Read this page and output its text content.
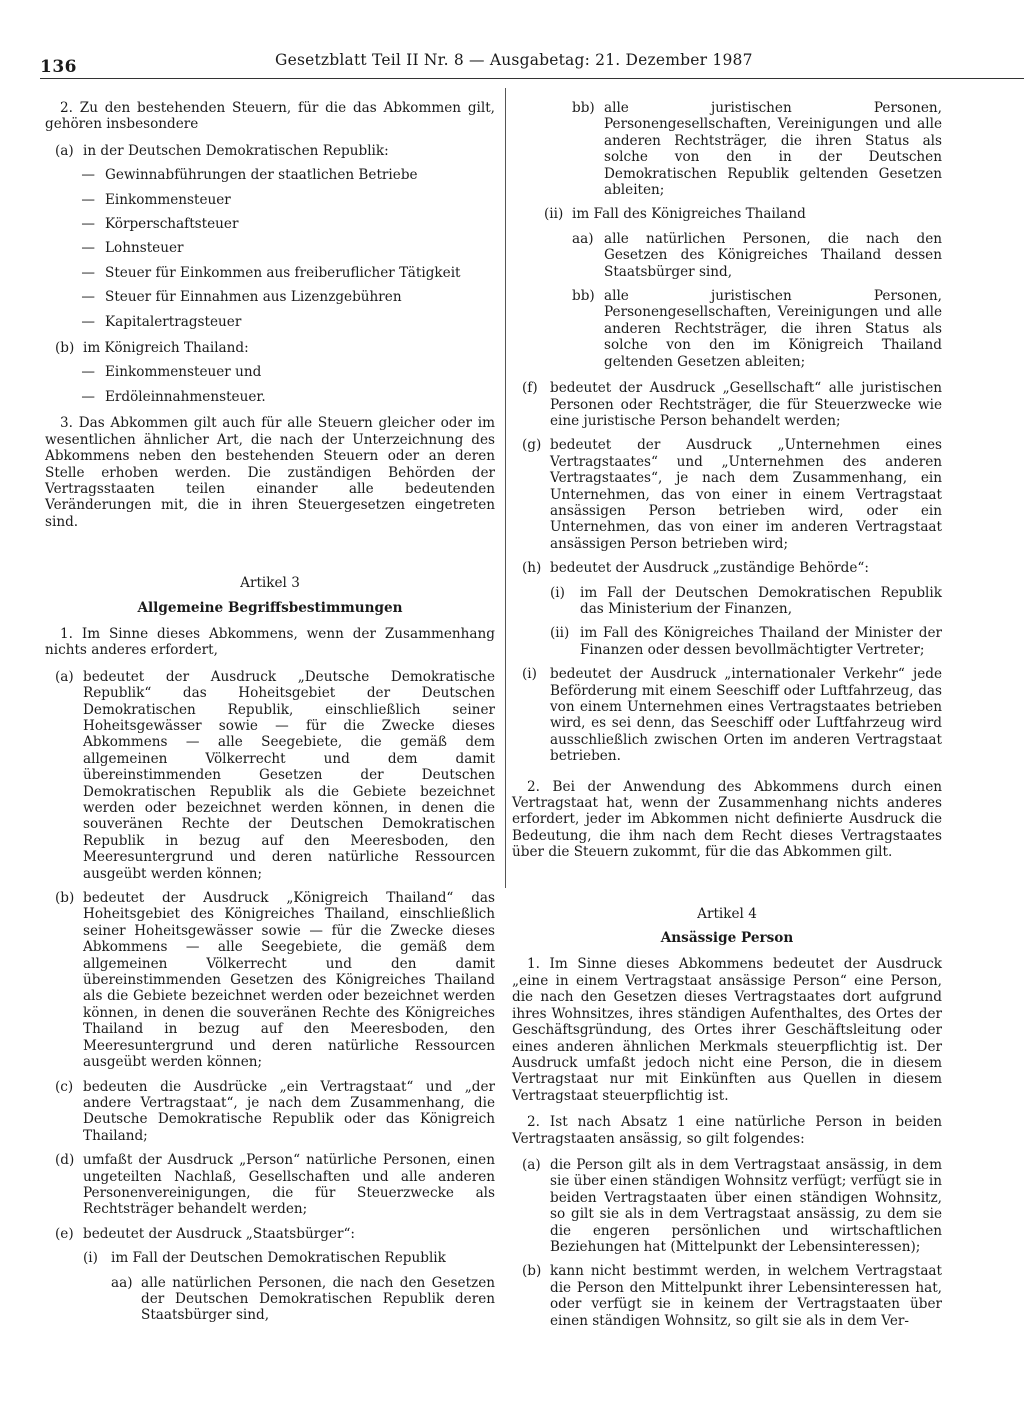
136	Gesetzblatt Teil II Nr. 8 — Ausgabetag: 21. Dezember 1987

2. Zu den bestehenden Steuern, für die das Abkommen gilt, gehören insbesondere

(a) in der Deutschen Demokratischen Republik:
— Gewinnabführungen der staatlichen Betriebe
— Einkommensteuer
— Körperschaftsteuer
— Lohnsteuer
— Steuer für Einkommen aus freiberuflicher Tätigkeit
— Steuer für Einnahmen aus Lizenzgebühren
— Kapitalertragsteuer
(b) im Königreich Thailand:
— Einkommensteuer und
— Erdöleinnahmensteuer.

3. Das Abkommen gilt auch für alle Steuern gleicher oder im wesentlichen ähnlicher Art, die nach der Unterzeichnung des Abkommens neben den bestehenden Steuern oder an deren Stelle erhoben werden. Die zuständigen Behörden der Vertragsstaaten teilen einander alle bedeutenden Veränderungen mit, die in ihren Steuergesetzen eingetreten sind.

Artikel 3
Allgemeine Begriffsbestimmungen

1. Im Sinne dieses Abkommens, wenn der Zusammenhang nichts anderes erfordert,

(a) bedeutet der Ausdruck „Deutsche Demokratische Republik“ das Hoheitsgebiet der Deutschen Demokratischen Republik, einschließlich seiner Hoheitsgewässer sowie — für die Zwecke dieses Abkommens — alle Seegebiete, die gemäß dem allgemeinen Völkerrecht und dem damit übereinstimmenden Gesetzen der Deutschen Demokratischen Republik als die Gebiete bezeichnet werden oder bezeichnet werden können, in denen die souveränen Rechte der Deutschen Demokratischen Republik in bezug auf den Meeresboden, den Meeresuntergrund und deren natürliche Ressourcen ausgeübt werden können;
(b) bedeutet der Ausdruck „Königreich Thailand“ das Hoheitsgebiet des Königreiches Thailand, einschließlich seiner Hoheitsgewässer sowie — für die Zwecke dieses Abkommens — alle Seegebiete, die gemäß dem allgemeinen Völkerrecht und den damit übereinstimmenden Gesetzen des Königreiches Thailand als die Gebiete bezeichnet werden oder bezeichnet werden können, in denen die souveränen Rechte des Königreiches Thailand in bezug auf den Meeresboden, den Meeresuntergrund und deren natürliche Ressourcen ausgeübt werden können;
(c) bedeuten die Ausdrücke „ein Vertragstaat“ und „der andere Vertragstaat“, je nach dem Zusammenhang, die Deutsche Demokratische Republik oder das Königreich Thailand;
(d) umfaßt der Ausdruck „Person“ natürliche Personen, einen ungeteilten Nachlaß, Gesellschaften und alle anderen Personenvereinigungen, die für Steuerzwecke als Rechtsträger behandelt werden;
(e) bedeutet der Ausdruck „Staatsbürger“:
(i) im Fall der Deutschen Demokratischen Republik
aa) alle natürlichen Personen, die nach den Gesetzen der Deutschen Demokratischen Republik deren Staatsbürger sind,
bb) alle juristischen Personen, Personengesellschaften, Vereinigungen und alle anderen Rechtsträger, die ihren Status als solche von den in der Deutschen Demokratischen Republik geltenden Gesetzen ableiten;
(ii) im Fall des Königreiches Thailand
aa) alle natürlichen Personen, die nach den Gesetzen des Königreiches Thailand dessen Staatsbürger sind,
bb) alle juristischen Personen, Personengesellschaften, Vereinigungen und alle anderen Rechtsträger, die ihren Status als solche von den im Königreich Thailand geltenden Gesetzen ableiten;
(f) bedeutet der Ausdruck „Gesellschaft“ alle juristischen Personen oder Rechtsträger, die für Steuerzwecke wie eine juristische Person behandelt werden;
(g) bedeutet der Ausdruck „Unternehmen eines Vertragstaates“ und „Unternehmen des anderen Vertragstaates“, je nach dem Zusammenhang, ein Unternehmen, das von einer in einem Vertragstaat ansässigen Person betrieben wird, oder ein Unternehmen, das von einer im anderen Vertragstaat ansässigen Person betrieben wird;
(h) bedeutet der Ausdruck „zuständige Behörde“:
(i)	im Fall der Deutschen Demokratischen Republik das Ministerium der Finanzen,
(ii) im Fall des Königreiches Thailand der Minister der Finanzen oder dessen bevollmächtigter Vertreter;
(i) bedeutet der Ausdruck „internationaler Verkehr“ jede Beförderung mit einem Seeschiff oder Luftfahrzeug, das von einem Unternehmen eines Vertragstaates betrieben wird, es sei denn, das Seeschiff oder Luftfahrzeug wird ausschließlich zwischen Orten im anderen Vertragstaat betrieben.

2. Bei der Anwendung des Abkommens durch einen Vertragstaat hat, wenn der Zusammenhang nichts anderes erfordert, jeder im Abkommen nicht definierte Ausdruck die Bedeutung, die ihm nach dem Recht dieses Vertragstaates über die Steuern zukommt, für die das Abkommen gilt.

Artikel 4
Ansässige Person

1. Im Sinne dieses Abkommens bedeutet der Ausdruck „eine in einem Vertragstaat ansässige Person“ eine Person, die nach den Gesetzen dieses Vertragstaates dort aufgrund ihres Wohnsitzes, ihres ständigen Aufenthaltes, des Ortes der Geschäftsgründung, des Ortes ihrer Geschäftsleitung oder eines anderen ähnlichen Merkmals steuerpflichtig ist. Der Ausdruck umfaßt jedoch nicht eine Person, die in diesem Vertragstaat nur mit Einkünften aus Quellen in diesem Vertragstaat steuerpflichtig ist.

2. Ist nach Absatz 1 eine natürliche Person in beiden Vertragstaaten ansässig, so gilt folgendes:

(a) die Person gilt als in dem Vertragstaat ansässig, in dem sie über einen ständigen Wohnsitz verfügt; verfügt sie in beiden Vertragstaaten über einen ständigen Wohnsitz, so gilt sie als in dem Vertragstaat ansässig, zu dem sie die engeren persönlichen und wirtschaftlichen Beziehungen hat (Mittelpunkt der Lebensinteressen);
(b) kann nicht bestimmt werden, in welchem Vertragstaat die Person den Mittelpunkt ihrer Lebensinteressen hat, oder verfügt sie in keinem der Vertragstaaten über einen ständigen Wohnsitz, so gilt sie als in dem Ver-
